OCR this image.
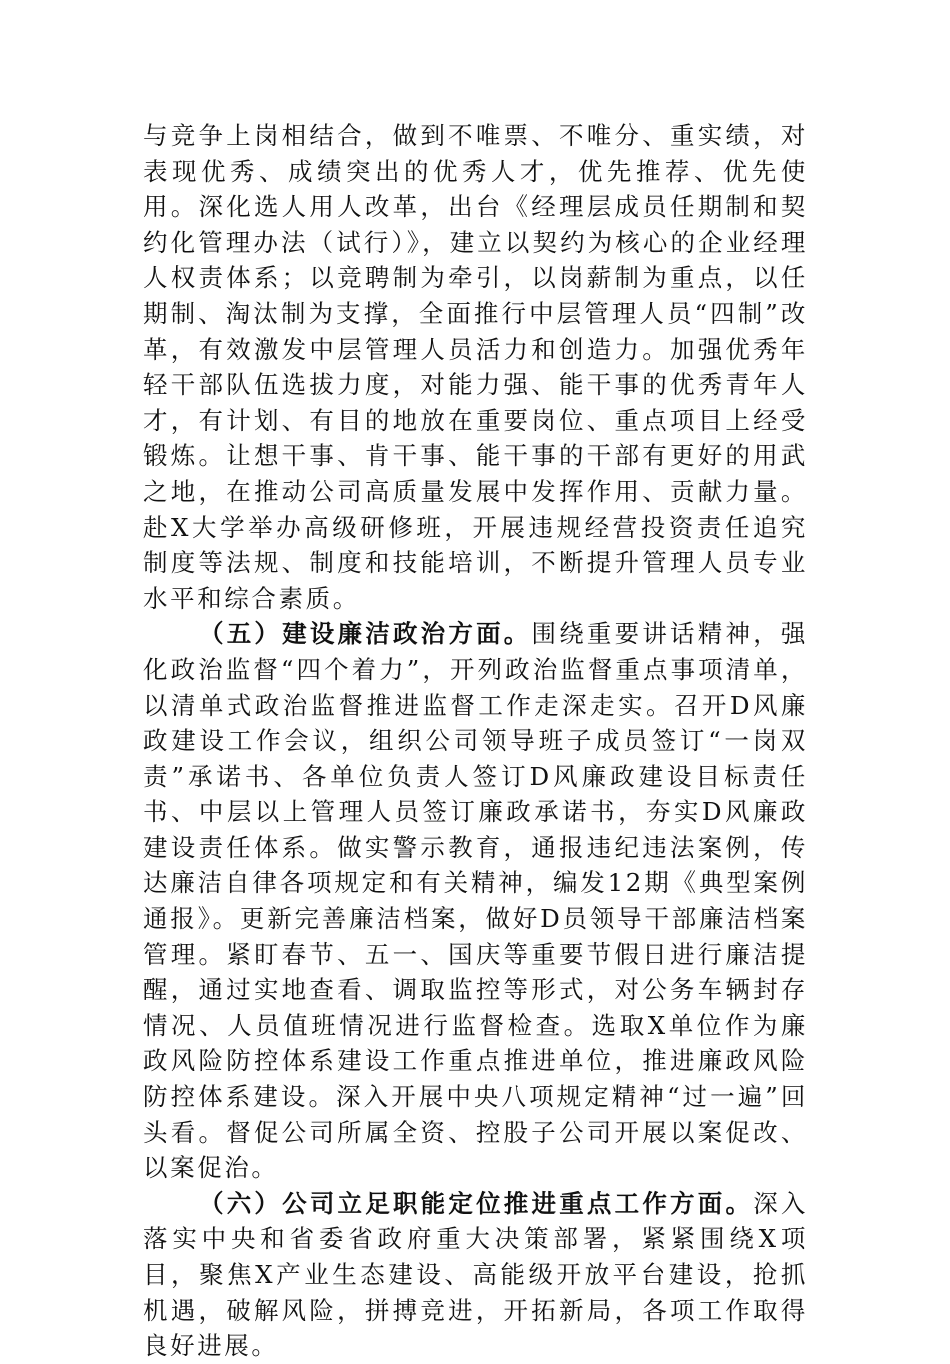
与竞争上岗相结合，做到不唯票、不唯分、重实绩，对表现优秀、成绩突出的优秀人才，优先推荐、优先使用。深化选人用人改革，出台《经理层成员任期制和契约化管理办法（试行）》，建立以契约为核心的企业经理人权责体系；以竞聘制为牵引，以岗薪制为重点，以任期制、淘汰制为支撑，全面推行中层管理人员“四制”改革，有效激发中层管理人员活力和创造力。加强优秀年轻干部队伍选拔力度，对能力强、能干事的优秀青年人才，有计划、有目的地放在重要岗位、重点项目上经受锻炼。让想干事、肯干事、能干事的干部有更好的用武之地，在推动公司高质量发展中发挥作用、贡献力量。赴X大学举办高级研修班，开展违规经营投资责任追究制度等法规、制度和技能培训，不断提升管理人员专业水平和综合素质。

（五）建设廉洁政治方面。围绕重要讲话精神，强化政治监督“四个着力”，开列政治监督重点事项清单，以清单式政治监督推进监督工作走深走实。召开D风廉政建设工作会议，组织公司领导班子成员签订“一岗双责”承诺书、各单位负责人签订D风廉政建设目标责任书、中层以上管理人员签订廉政承诺书，夯实D风廉政建设责任体系。做实警示教育，通报违纪违法案例，传达廉洁自律各项规定和有关精神，编发12期《典型案例通报》。更新完善廉洁档案，做好D员领导干部廉洁档案管理。紧盯春节、五一、国庆等重要节假日进行廉洁提醒，通过实地查看、调取监控等形式，对公务车辆封存情况、人员值班情况进行监督检查。选取X单位作为廉政风险防控体系建设工作重点推进单位，推进廉政风险防控体系建设。深入开展中央八项规定精神“过一遍”回头看。督促公司所属全资、控股子公司开展以案促改、以案促治。

（六）公司立足职能定位推进重点工作方面。深入落实中央和省委省政府重大决策部署，紧紧围绕X项目，聚焦X产业生态建设、高能级开放平台建设，抢抓机遇，破解风险，拼搏竞进，开拓新局，各项工作取得良好进展。
